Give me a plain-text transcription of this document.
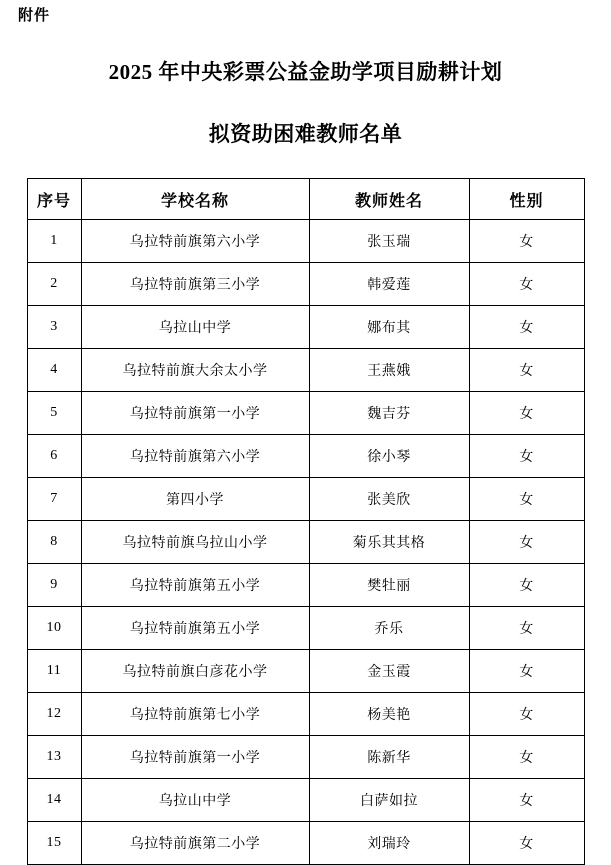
附件
2025 年中央彩票公益金助学项目励耕计划
拟资助困难教师名单
序号	学校名称	教师姓名	性别
1	乌拉特前旗第六小学	张玉瑞	女
2	乌拉特前旗第三小学	韩爱莲	女
3	乌拉山中学	娜布其	女
4	乌拉特前旗大余太小学	王燕娥	女
5	乌拉特前旗第一小学	魏吉芬	女
6	乌拉特前旗第六小学	徐小琴	女
7	第四小学	张美欣	女
8	乌拉特前旗乌拉山小学	菊乐其其格	女
9	乌拉特前旗第五小学	樊牡丽	女
10	乌拉特前旗第五小学	乔乐	女
11	乌拉特前旗白彦花小学	金玉霞	女
12	乌拉特前旗第七小学	杨美艳	女
13	乌拉特前旗第一小学	陈新华	女
14	乌拉山中学	白萨如拉	女
15	乌拉特前旗第二小学	刘瑞玲	女
